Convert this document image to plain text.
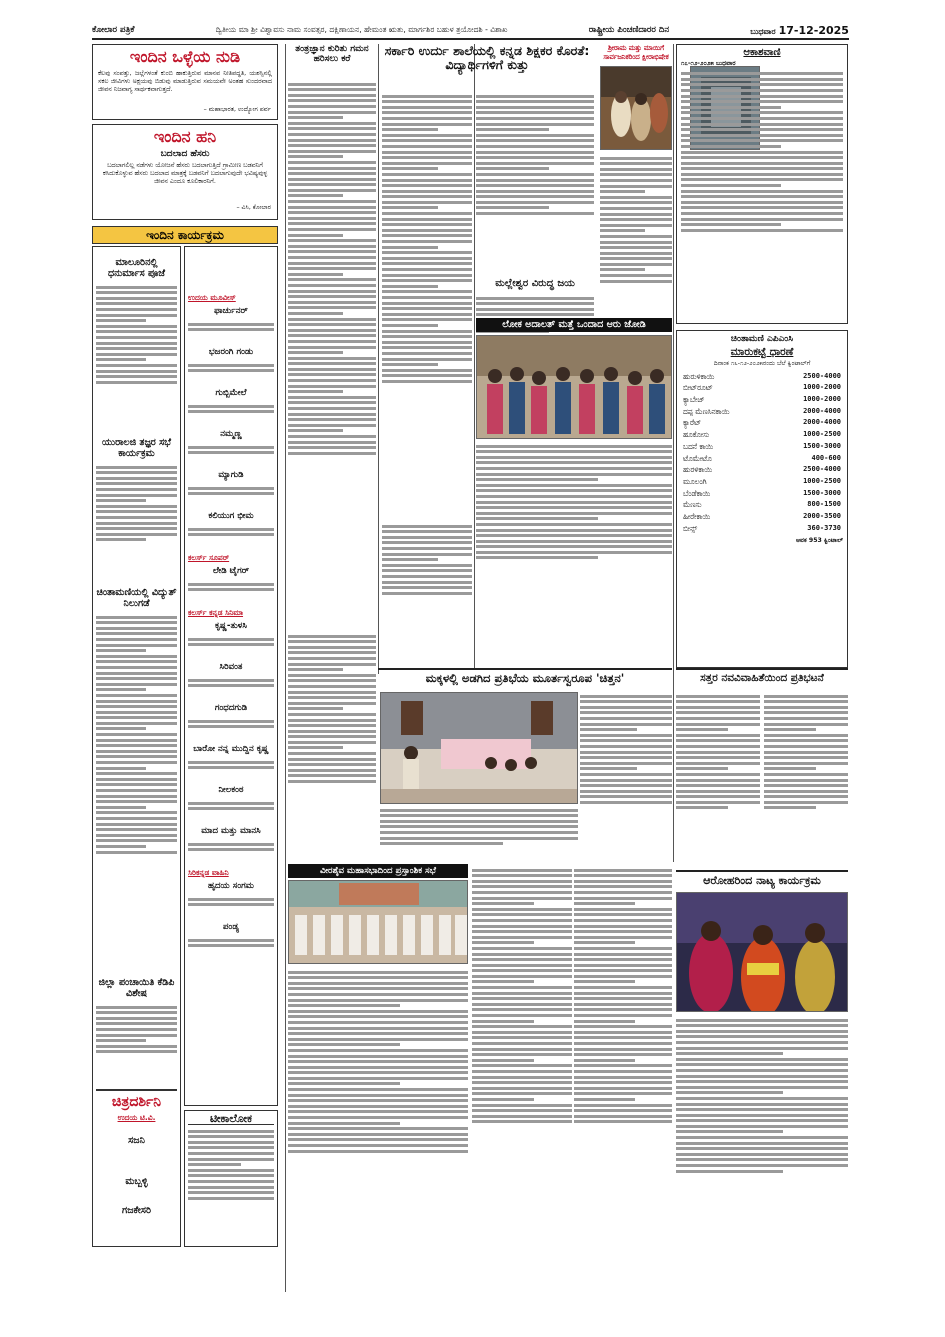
ಕೋಲಾರ ಪತ್ರಿಕೆ	ದ್ವಿತೀಯ ಮಾ ಶ್ರೀ ವಿಶ್ವಾವಸು ನಾಮ ಸಂವತ್ಸರ, ದಕ್ಷಿಣಾಯನ, ಹೇಮಂತ ಋತು, ಮಾರ್ಗಶಿರ ಬಹುಳ ತ್ರಯೋದಶಿ - ವಿಶಾಖ	ರಾಷ್ಟ್ರೀಯ ಪಿಂಚಣಿದಾರರ ದಿನ	ಬುಧವಾರ 17-12-2025
ಇಂದಿನ ಒಳ್ಳೆಯ ನುಡಿ
ಕೆಲವು ಸಂಪತ್ತು, ಜಲ್ಲೆಗಳಂತೆ ಕುಂಬಿ ಹಾಕುತ್ತಿರುವ ಮಾನವ ನೀತಿಪದ್ಧತಿ, ಯಶಸ್ಸಿನಲ್ಲಿ ಸಕಲ ಜೀವಿಗಳು ಅಕ್ಷಯವು ಬಿಡುವು ಮಾಡುತ್ತಿರುವ ಸಮಯವೇ ಅಂತಹ ಸುಂದರವಾದ ಜೀವನ ನಿಜವಾಗ್ಯ ಸಾರ್ಥಕವಾಗುತ್ತದೆ.
– ಮಹಾಭಾರತ, ಉದ್ಯೋಗ ಪರ್ವ
ಇಂದಿನ ಹನಿ
ಬದಲಾದ ಹೆಸರು
ಬದಲಾಗಲಿಲ್ಲ ನಡೆಗಳು ಯೋಜನೆ ಹೆಸರು ಬದಲಾಗುತ್ತಿದೆ ಗ್ರಾಮೀಣ ಬಡವನಿಗೆ ಕಸಿದುಕೊಳ್ಳುವ ಹೆಸರು ಬದಲಾದ ಮಾತ್ರಕ್ಕೆ ಬಡವನಿಗೆ ಬದಲಾಗುವುದೇ ಭವಿಷ್ಯವುಳ್ಳ ಜೀವನ ಎಂದೂ ಕೂಲಿಕಾರನಿಗೆ.
– ವಿಸಿ, ಕೋಲಾರ
ಇಂದಿನ ಕಾರ್ಯಕ್ರಮ
ಮಾಲೂರಿನಲ್ಲಿ ಧನುರ್ಮಾಸ ಪೂಜೆ
ಯುರಾಲಜಿ ತಜ್ಞರ ಸಭೆ ಕಾರ್ಯಕ್ರಮ
ಚಿಂತಾಮಣಿಯಲ್ಲಿ ವಿದ್ಯುತ್ ನಿಲುಗಡೆ
ಜಿಲ್ಲಾ ಪಂಚಾಯಿತಿ ಕೆಡಿಪಿ ವಿಶೇಷ
ಚಿತ್ರದರ್ಶಿನಿ
ಉದಯ ಟಿ.ವಿ.
ಸಜನಿ
ಮಬ್ಬಳ್ಳಿ
ಗಜಕೇಸರಿ
ಉದಯ ಮೂವೀಸ್
ಫಾರ್ಚುನರ್
ಭಜರಂಗಿ ಗಂಡು
ಗುಬ್ಬಿಮೇಲೆ
ನಮ್ಮಣ್ಣ
ಮ್ಯಾಗುಡಿ
ಕಲಿಯುಗ ಭೀಮ
ಕಲರ್ಸ್ ಸೂಪರ್
ಲೇಡಿ ಟೈಗರ್
ಕಲರ್ಸ್ ಕನ್ನಡ ಸಿನಿಮಾ
ಕೃಷ್ಣ-ತುಳಸಿ
ಸಿರಿವಂತ
ಗಂಧದಗುಡಿ
ಬಾರೋ ನನ್ನ ಮುದ್ದಿನ ಕೃಷ್ಣ
ನೀಲಕಂಠ
ಮಾದ ಮತ್ತು ಮಾನಸಿ
ಸಿರಿಕನ್ನಡ ವಾಹಿನಿ
ಹೃದಯ ಸಂಗಮ
ಪಂಡ್ಯ
ಟೀಕಾಲೋಕ
ತಂತ್ರಜ್ಞಾನ ಕುರಿತು ಗಮನ ಹರಿಸಲು ಕರೆ
ಸರ್ಕಾರಿ ಉರ್ದು ಶಾಲೆಯಲ್ಲಿ ಕನ್ನಡ ಶಿಕ್ಷಕರ ಕೊರತೆ: ವಿದ್ಯಾರ್ಥಿಗಳಿಗೆ ಕುತ್ತು
ಮಲ್ಲೇಶ್ವರ ವಿರುದ್ಧ ಜಯ
ಶ್ರೀರಾಮ ಮತ್ತು ಮಾಯಿಗೆ ಸಾರ್ವಜನಿಕರಿಂದ ಕ್ಷೀರಾಭಿಷೇಕ	ಆಕಾಶವಾಣಿ
೧೭-೧೨-೨೦೨೫ ಬುಧವಾರ
ಚಿಂತಾಮಣಿ ಎಪಿಎಂಸಿ
ಮಾರುಕಟ್ಟೆ ಧಾರಣೆ
ದಿನಾಂಕ ೧೬-೧೨-೨೦೨೫ರಂದು ಬೆಲೆ ಕ್ವಿಂಟಾಲ್‌ಗೆ
ಹುರುಳಿಕಾಯಿ	2500-4000
ಬೀಟ್‌ರೂಟ್	1000-2000
ಕ್ಯಾಬೇಜ್	1000-2000
ದಪ್ಪ ಮೆಣಸಿನಕಾಯಿ	2000-4000
ಕ್ಯಾರೆಟ್	2000-4000
ಹೂಕೋಸು	1000-2500
ಬದನೆ ಕಾಯಿ	1500-3000
ಟೊಮೇಟೊ	400-600
ಹುರಳಿಕಾಯಿ	2500-4000
ಮೂಲಂಗಿ	1000-2500
ಬೆಂಡೆಕಾಯಿ	1500-3000
ಮೆಣಸು	800-1500
ಹೀರೇಕಾಯಿ	2000-3500
ಬೀನ್ಸ್	360-3730
ಆವಕ 953 ಕ್ವಿಂಟಾಲ್
ಲೋಕ ಅದಾಲತ್‌ ಮತ್ತೆ ಒಂದಾದ ಆರು ಜೋಡಿ
ಮಕ್ಕಳಲ್ಲಿ ಅಡಗಿದ ಪ್ರತಿಭೆಯ ಮೂರ್ತಸ್ವರೂಪ 'ಚಿತ್ತನ'
ವೀರಶೈವ ಮಹಾಸಭಾದಿಂದ ಪ್ರಸ್ತಾಂಶಿಕ ಸಭೆ
ಸತ್ತರ ನವವಿವಾಹಿತೆಯಿಂದ ಪ್ರತಿಭಟನೆ
ಆರೋಹರಿಂದ ನಾಟ್ಯ ಕಾರ್ಯಕ್ರಮ
